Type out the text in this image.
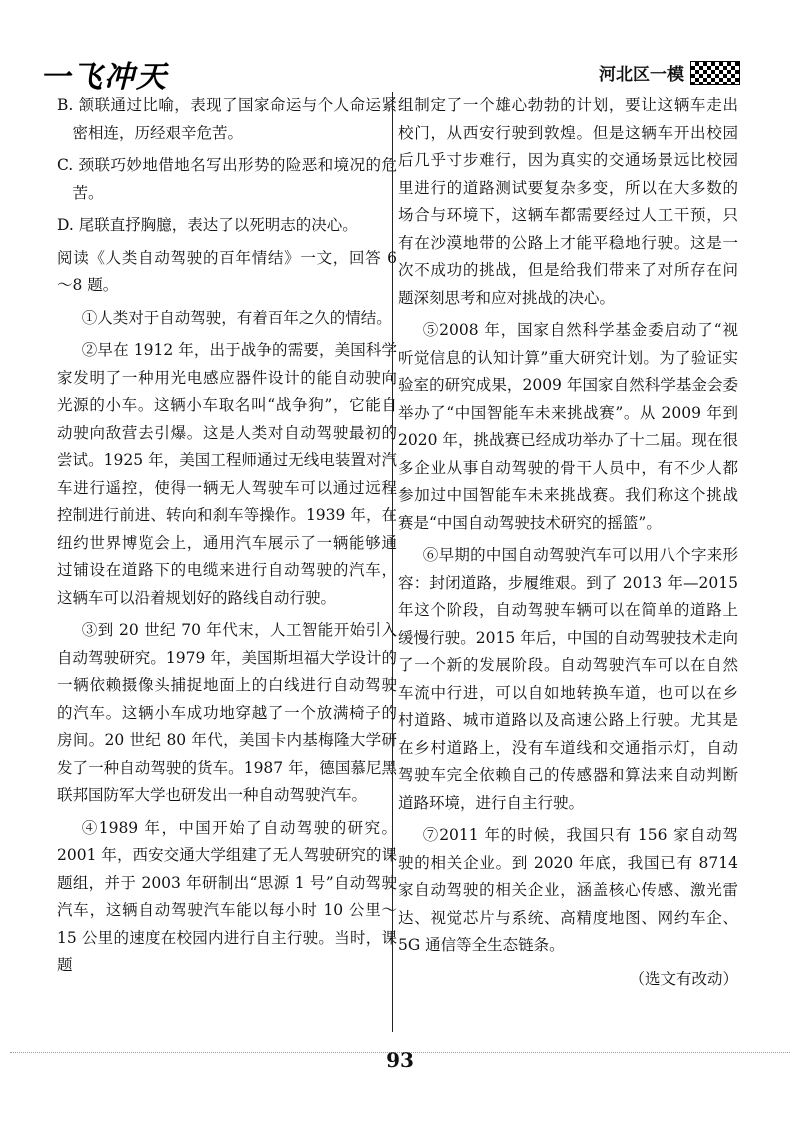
一飞冲天	河北区一模

B. 颔联通过比喻，表现了国家命运与个人命运紧密相连，历经艰辛危苦。

C. 颈联巧妙地借地名写出形势的险恶和境况的危苦。

D. 尾联直抒胸臆，表达了以死明志的决心。

阅读《人类自动驾驶的百年情结》一文，回答 6～8 题。

①人类对于自动驾驶，有着百年之久的情结。

②早在 1912 年，出于战争的需要，美国科学家发明了一种用光电感应器件设计的能自动驶向光源的小车。这辆小车取名叫“战争狗”，它能自动驶向敌营去引爆。这是人类对自动驾驶最初的尝试。1925 年，美国工程师通过无线电装置对汽车进行遥控，使得一辆无人驾驶车可以通过远程控制进行前进、转向和刹车等操作。1939 年，在纽约世界博览会上，通用汽车展示了一辆能够通过铺设在道路下的电缆来进行自动驾驶的汽车，这辆车可以沿着规划好的路线自动行驶。

③到 20 世纪 70 年代末，人工智能开始引入自动驾驶研究。1979 年，美国斯坦福大学设计的一辆依赖摄像头捕捉地面上的白线进行自动驾驶的汽车。这辆小车成功地穿越了一个放满椅子的房间。20 世纪 80 年代，美国卡内基梅隆大学研发了一种自动驾驶的货车。1987 年，德国慕尼黑联邦国防军大学也研发出一种自动驾驶汽车。

④1989 年，中国开始了自动驾驶的研究。2001 年，西安交通大学组建了无人驾驶研究的课题组，并于 2003 年研制出“思源 1 号”自动驾驶汽车，这辆自动驾驶汽车能以每小时 10 公里～15 公里的速度在校园内进行自主行驶。当时，课题

组制定了一个雄心勃勃的计划，要让这辆车走出校门，从西安行驶到敦煌。但是这辆车开出校园后几乎寸步难行，因为真实的交通场景远比校园里进行的道路测试要复杂多变，所以在大多数的场合与环境下，这辆车都需要经过人工干预，只有在沙漠地带的公路上才能平稳地行驶。这是一次不成功的挑战，但是给我们带来了对所存在问题深刻思考和应对挑战的决心。

⑤2008 年，国家自然科学基金委启动了“视听觉信息的认知计算”重大研究计划。为了验证实验室的研究成果，2009 年国家自然科学基金会委举办了“中国智能车未来挑战赛”。从 2009 年到 2020 年，挑战赛已经成功举办了十二届。现在很多企业从事自动驾驶的骨干人员中，有不少人都参加过中国智能车未来挑战赛。我们称这个挑战赛是“中国自动驾驶技术研究的摇篮”。

⑥早期的中国自动驾驶汽车可以用八个字来形容：封闭道路，步履维艰。到了 2013 年—2015 年这个阶段，自动驾驶车辆可以在简单的道路上缓慢行驶。2015 年后，中国的自动驾驶技术走向了一个新的发展阶段。自动驾驶汽车可以在自然车流中行进，可以自如地转换车道，也可以在乡村道路、城市道路以及高速公路上行驶。尤其是在乡村道路上，没有车道线和交通指示灯，自动驾驶车完全依赖自己的传感器和算法来自动判断道路环境，进行自主行驶。

⑦2011 年的时候，我国只有 156 家自动驾驶的相关企业。到 2020 年底，我国已有 8714 家自动驾驶的相关企业，涵盖核心传感、激光雷达、视觉芯片与系统、高精度地图、网约车企、5G 通信等全生态链条。

（选文有改动）

93
